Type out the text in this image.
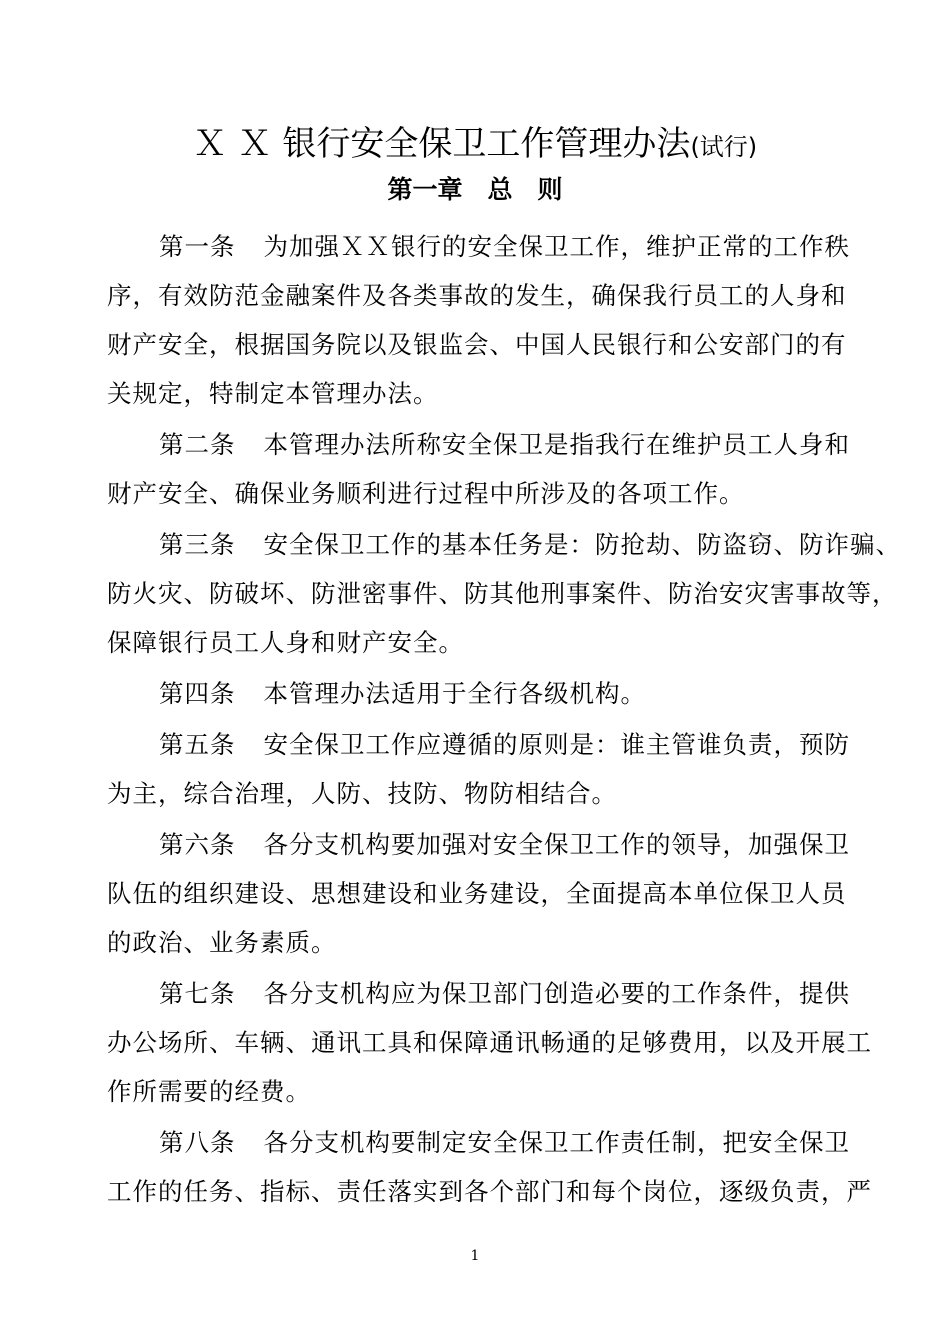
Ｘ Ｘ 银行安全保卫工作管理办法(试行)
第一章　总　则
第一条 为加强ＸＸ银行的安全保卫工作，维护正常的工作秩
序，有效防范金融案件及各类事故的发生，确保我行员工的人身和
财产安全，根据国务院以及银监会、中国人民银行和公安部门的有
关规定，特制定本管理办法。
第二条 本管理办法所称安全保卫是指我行在维护员工人身和
财产安全、确保业务顺利进行过程中所涉及的各项工作。
第三条 安全保卫工作的基本任务是：防抢劫、防盗窃、防诈骗、
防火灾、防破坏、防泄密事件、防其他刑事案件、防治安灾害事故等，
保障银行员工人身和财产安全。
第四条 本管理办法适用于全行各级机构。
第五条 安全保卫工作应遵循的原则是：谁主管谁负责，预防
为主，综合治理，人防、技防、物防相结合。
第六条 各分支机构要加强对安全保卫工作的领导，加强保卫
队伍的组织建设、思想建设和业务建设，全面提高本单位保卫人员
的政治、业务素质。
第七条 各分支机构应为保卫部门创造必要的工作条件，提供
办公场所、车辆、通讯工具和保障通讯畅通的足够费用，以及开展工
作所需要的经费。
第八条 各分支机构要制定安全保卫工作责任制，把安全保卫
工作的任务、指标、责任落实到各个部门和每个岗位，逐级负责，严
1
